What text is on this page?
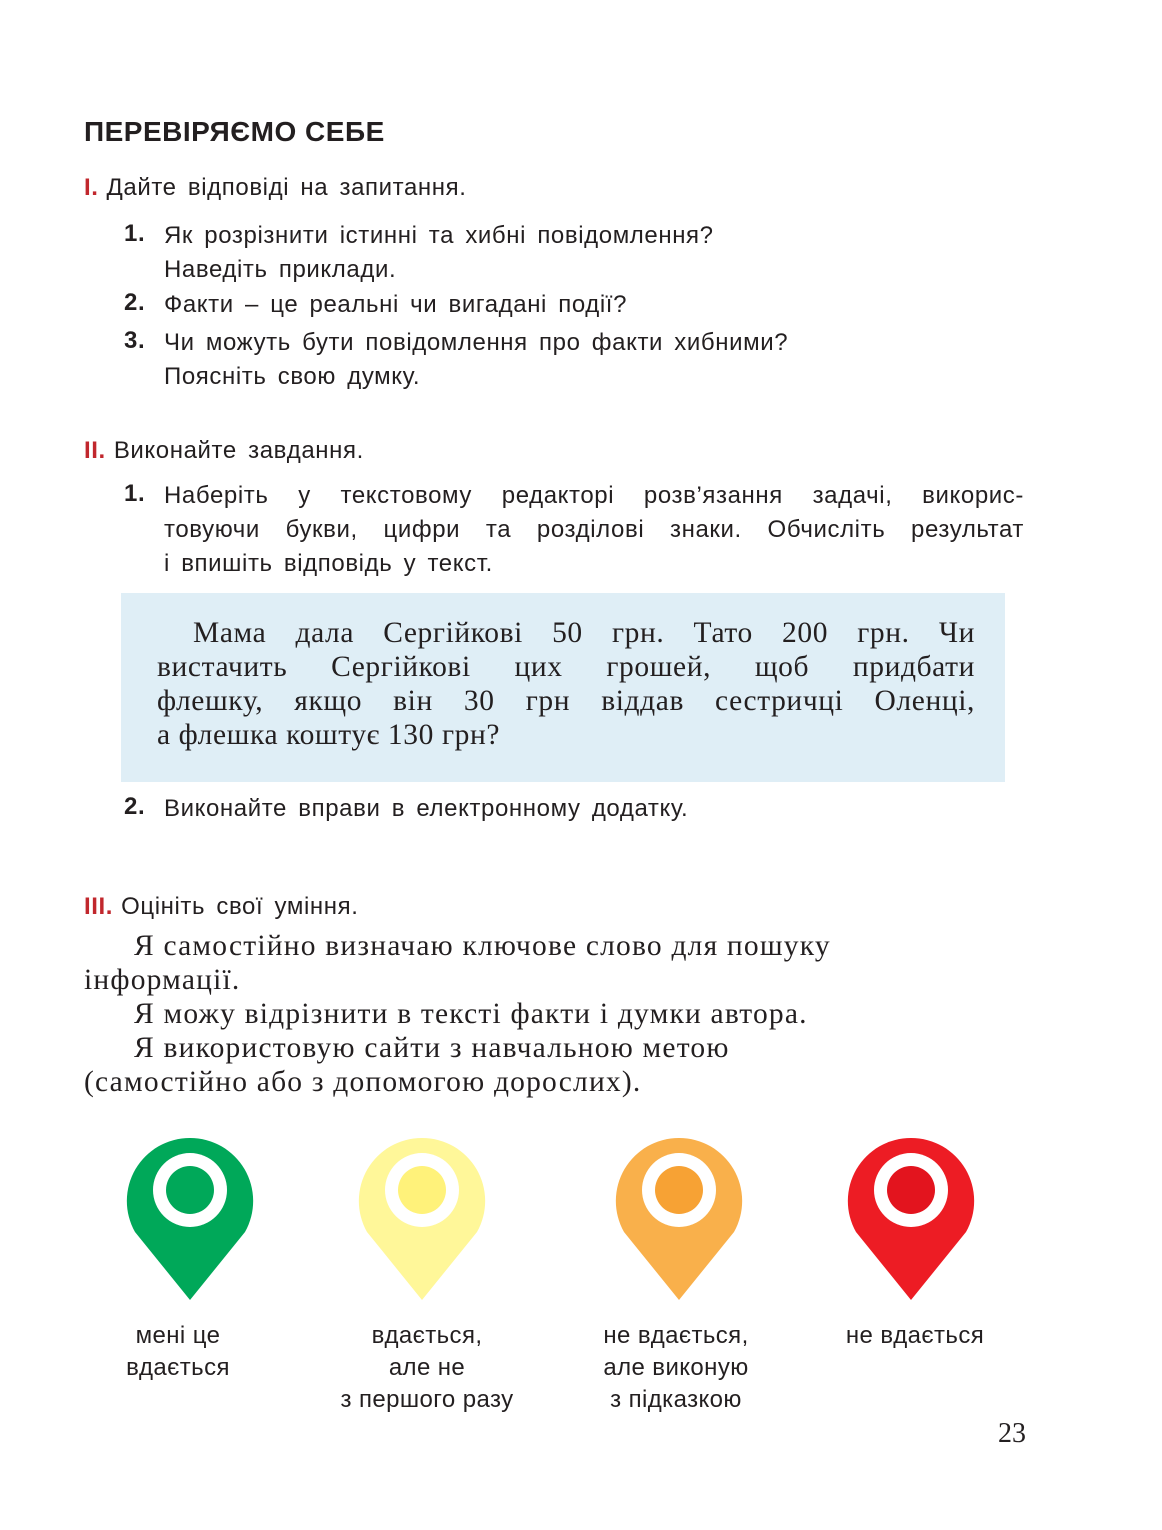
ПЕРЕВІРЯЄМО СЕБЕ
I. Дайте відповіді на запитання.
1. Як розрізнити істинні та хибні повідомлення?
Наведіть приклади.
2. Факти – це реальні чи вигадані події?
3. Чи можуть бути повідомлення про факти хибними?
Поясніть свою думку.
II. Виконайте завдання.
1. Наберіть у текстовому редакторі розв’язання задачі, викорис-
товуючи букви, цифри та розділові знаки. Обчисліть результат
і впишіть відповідь у текст.
Мама дала Сергійкові 50 грн. Тато 200 грн. Чи
вистачить Сергійкові цих грошей, щоб придбати
флешку, якщо він 30 грн віддав сестричці Оленці,
а флешка коштує 130 грн?
2. Виконайте вправи в електронному додатку.
III. Оцініть свої уміння.
Я самостійно визначаю ключове слово для пошуку
інформації.
Я можу відрізнити в тексті факти і думки автора.
Я використовую сайти з навчальною метою
(самостійно або з допомогою дорослих).
мені це
вдається
вдається,
але не
з першого разу
не вдається,
але виконую
з підказкою
не вдається
23
